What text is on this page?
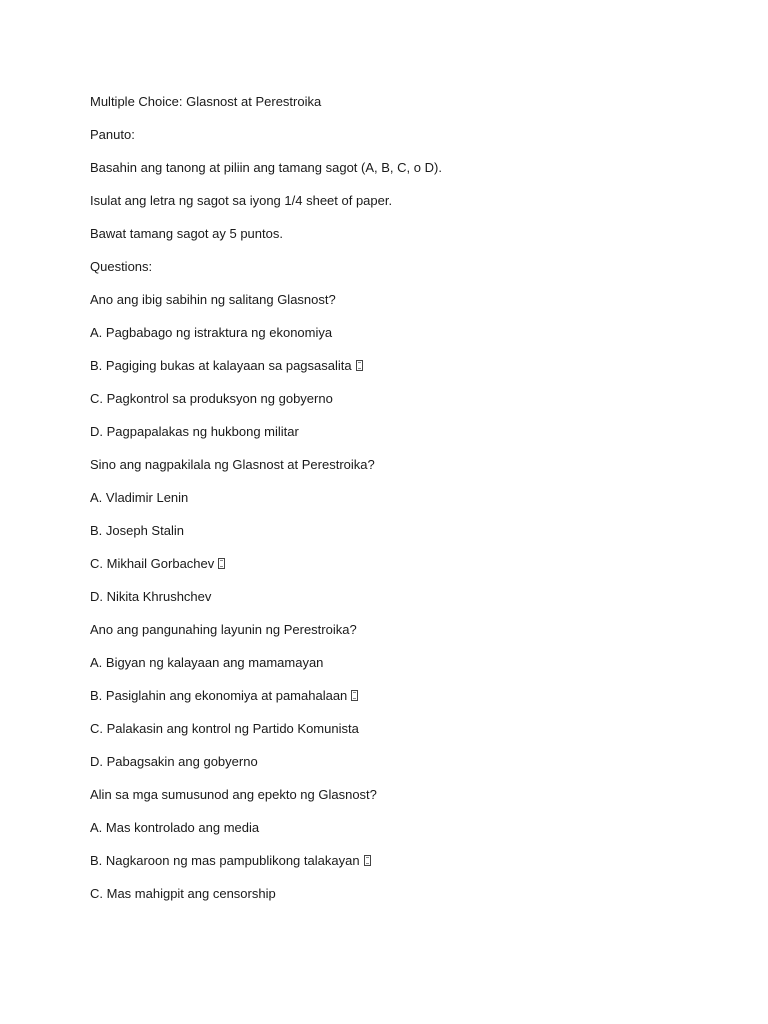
Multiple Choice: Glasnost at Perestroika
Panuto:
Basahin ang tanong at piliin ang tamang sagot (A, B, C, o D).
Isulat ang letra ng sagot sa iyong 1/4 sheet of paper.
Bawat tamang sagot ay 5 puntos.
Questions:
Ano ang ibig sabihin ng salitang Glasnost?
A. Pagbabago ng istraktura ng ekonomiya
B. Pagiging bukas at kalayaan sa pagsasalita
C. Pagkontrol sa produksyon ng gobyerno
D. Pagpapalakas ng hukbong militar
Sino ang nagpakilala ng Glasnost at Perestroika?
A. Vladimir Lenin
B. Joseph Stalin
C. Mikhail Gorbachev
D. Nikita Khrushchev
Ano ang pangunahing layunin ng Perestroika?
A. Bigyan ng kalayaan ang mamamayan
B. Pasiglahin ang ekonomiya at pamahalaan
C. Palakasin ang kontrol ng Partido Komunista
D. Pabagsakin ang gobyerno
Alin sa mga sumusunod ang epekto ng Glasnost?
A. Mas kontrolado ang media
B. Nagkaroon ng mas pampublikong talakayan
C. Mas mahigpit ang censorship
